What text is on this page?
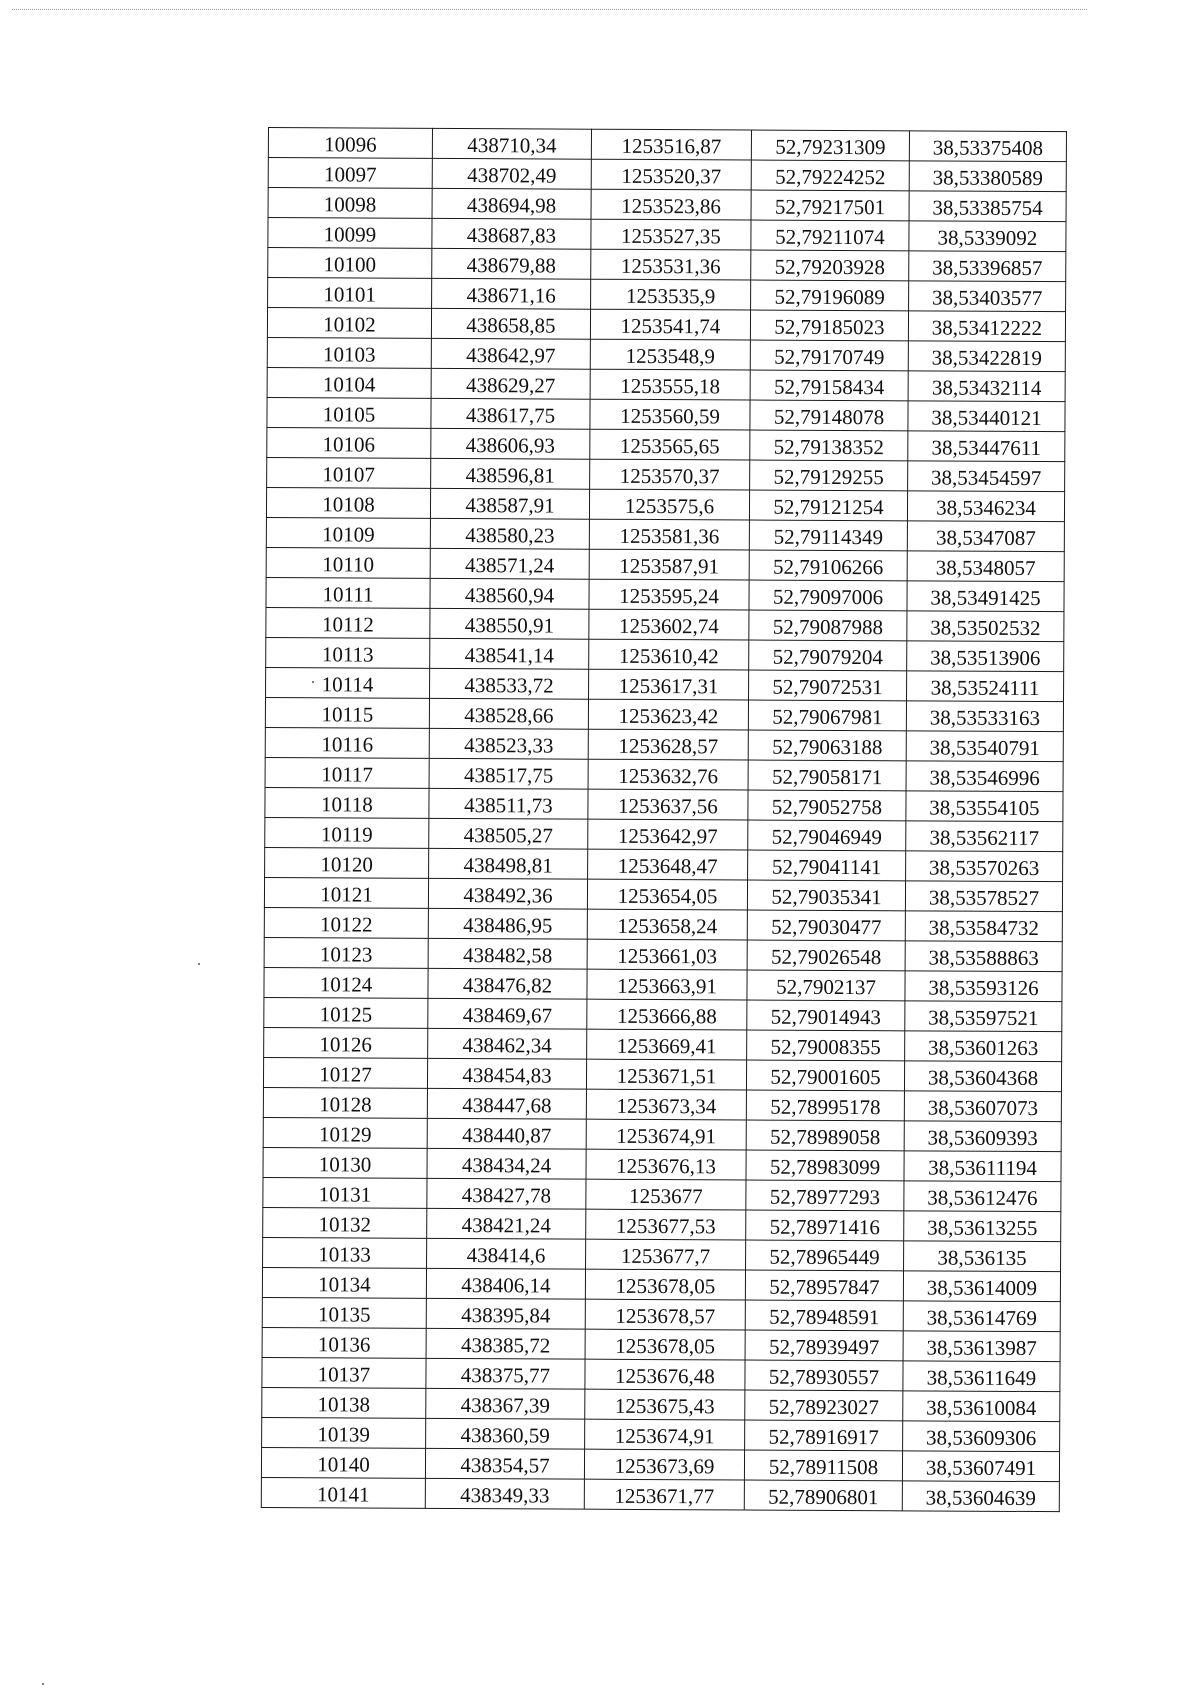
10096	438710,34	1253516,87	52,79231309	38,53375408
10097	438702,49	1253520,37	52,79224252	38,53380589
10098	438694,98	1253523,86	52,79217501	38,53385754
10099	438687,83	1253527,35	52,79211074	38,5339092
10100	438679,88	1253531,36	52,79203928	38,53396857
10101	438671,16	1253535,9	52,79196089	38,53403577
10102	438658,85	1253541,74	52,79185023	38,53412222
10103	438642,97	1253548,9	52,79170749	38,53422819
10104	438629,27	1253555,18	52,79158434	38,53432114
10105	438617,75	1253560,59	52,79148078	38,53440121
10106	438606,93	1253565,65	52,79138352	38,53447611
10107	438596,81	1253570,37	52,79129255	38,53454597
10108	438587,91	1253575,6	52,79121254	38,5346234
10109	438580,23	1253581,36	52,79114349	38,5347087
10110	438571,24	1253587,91	52,79106266	38,5348057
10111	438560,94	1253595,24	52,79097006	38,53491425
10112	438550,91	1253602,74	52,79087988	38,53502532
10113	438541,14	1253610,42	52,79079204	38,53513906
10114	438533,72	1253617,31	52,79072531	38,53524111
10115	438528,66	1253623,42	52,79067981	38,53533163
10116	438523,33	1253628,57	52,79063188	38,53540791
10117	438517,75	1253632,76	52,79058171	38,53546996
10118	438511,73	1253637,56	52,79052758	38,53554105
10119	438505,27	1253642,97	52,79046949	38,53562117
10120	438498,81	1253648,47	52,79041141	38,53570263
10121	438492,36	1253654,05	52,79035341	38,53578527
10122	438486,95	1253658,24	52,79030477	38,53584732
10123	438482,58	1253661,03	52,79026548	38,53588863
10124	438476,82	1253663,91	52,7902137	38,53593126
10125	438469,67	1253666,88	52,79014943	38,53597521
10126	438462,34	1253669,41	52,79008355	38,53601263
10127	438454,83	1253671,51	52,79001605	38,53604368
10128	438447,68	1253673,34	52,78995178	38,53607073
10129	438440,87	1253674,91	52,78989058	38,53609393
10130	438434,24	1253676,13	52,78983099	38,53611194
10131	438427,78	1253677	52,78977293	38,53612476
10132	438421,24	1253677,53	52,78971416	38,53613255
10133	438414,6	1253677,7	52,78965449	38,536135
10134	438406,14	1253678,05	52,78957847	38,53614009
10135	438395,84	1253678,57	52,78948591	38,53614769
10136	438385,72	1253678,05	52,78939497	38,53613987
10137	438375,77	1253676,48	52,78930557	38,53611649
10138	438367,39	1253675,43	52,78923027	38,53610084
10139	438360,59	1253674,91	52,78916917	38,53609306
10140	438354,57	1253673,69	52,78911508	38,53607491
10141	438349,33	1253671,77	52,78906801	38,53604639
